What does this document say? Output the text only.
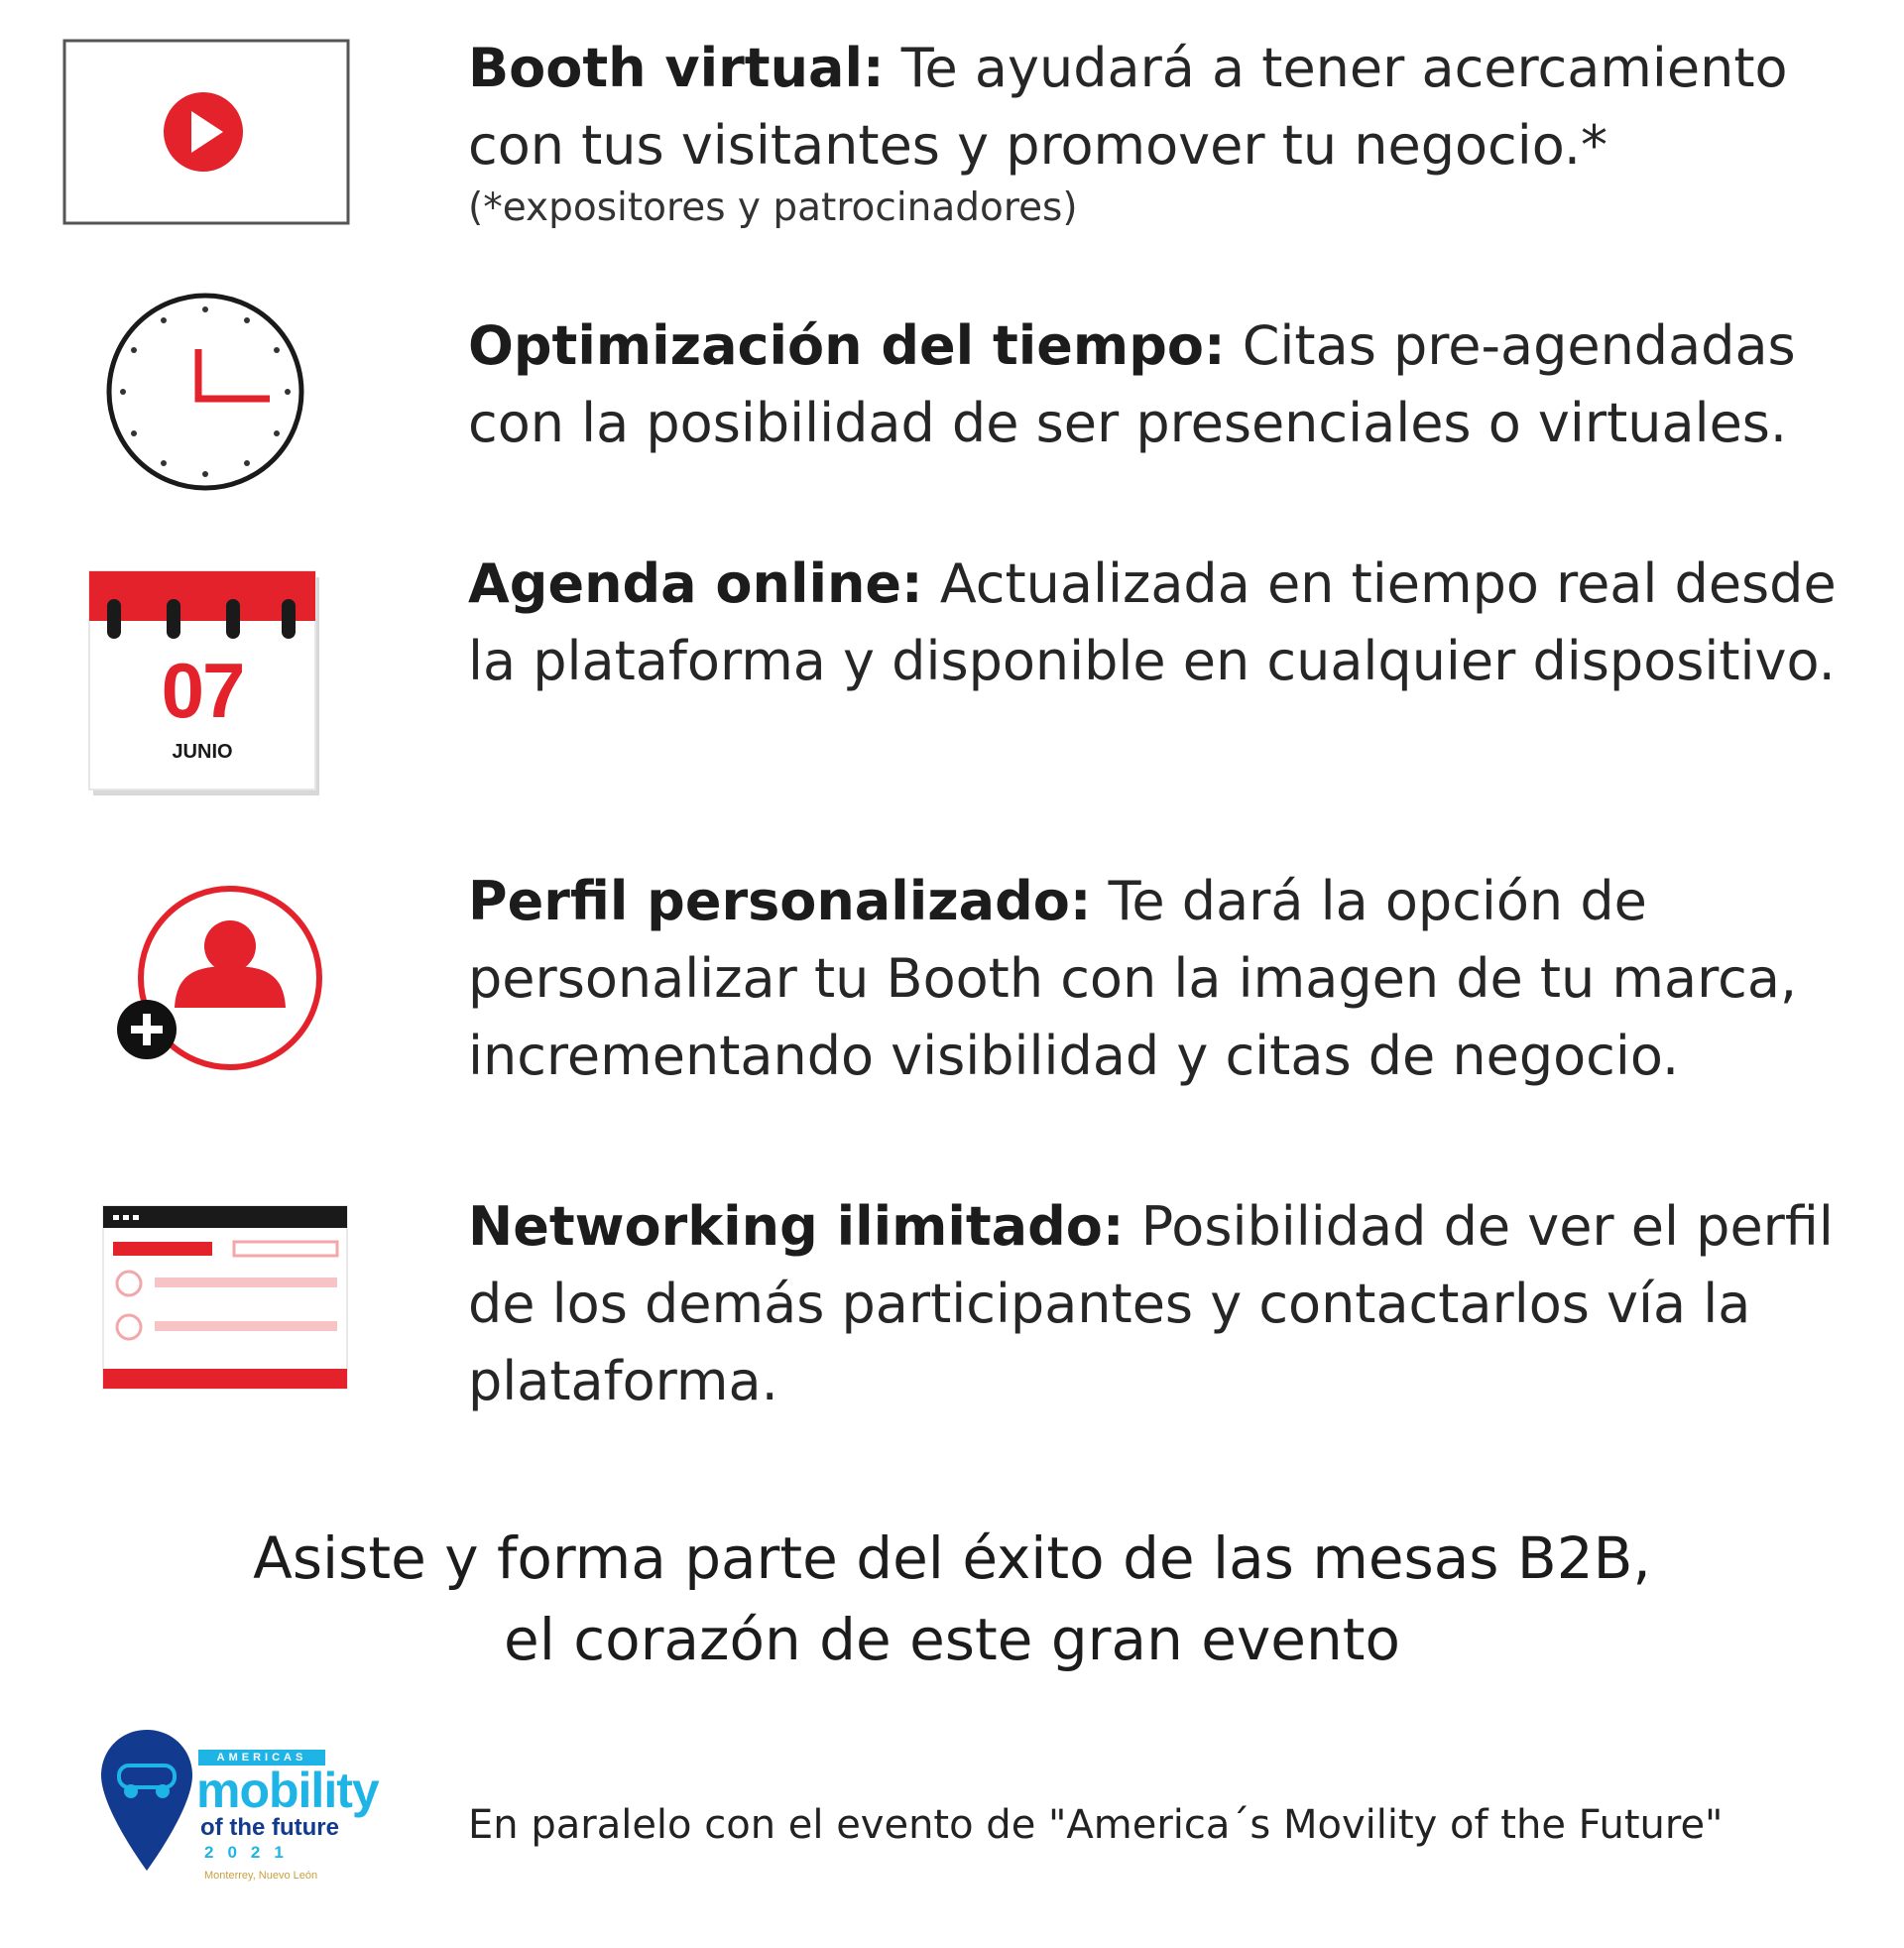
Booth virtual: Te ayudará a tener acercamiento con tus visitantes y promover tu negocio.*
(*expositores y patrocinadores)
Optimización del tiempo: Citas pre-agendadas con la posibilidad de ser presenciales o virtuales.
07
JUNIO
Agenda online: Actualizada en tiempo real desde la plataforma y disponible en cualquier dispositivo.
Perfil personalizado: Te dará la opción de personalizar tu Booth con la imagen de tu marca, incrementando visibilidad y citas de negocio.
Networking ilimitado: Posibilidad de ver el perfil de los demás participantes y contactarlos vía la plataforma.
Asiste y forma parte del éxito de las mesas B2B,
el corazón de este gran evento
AMERICAS
mobility
of the future
2021
Monterrey, Nuevo León
En paralelo con el evento de "America´s Movility of the Future"
